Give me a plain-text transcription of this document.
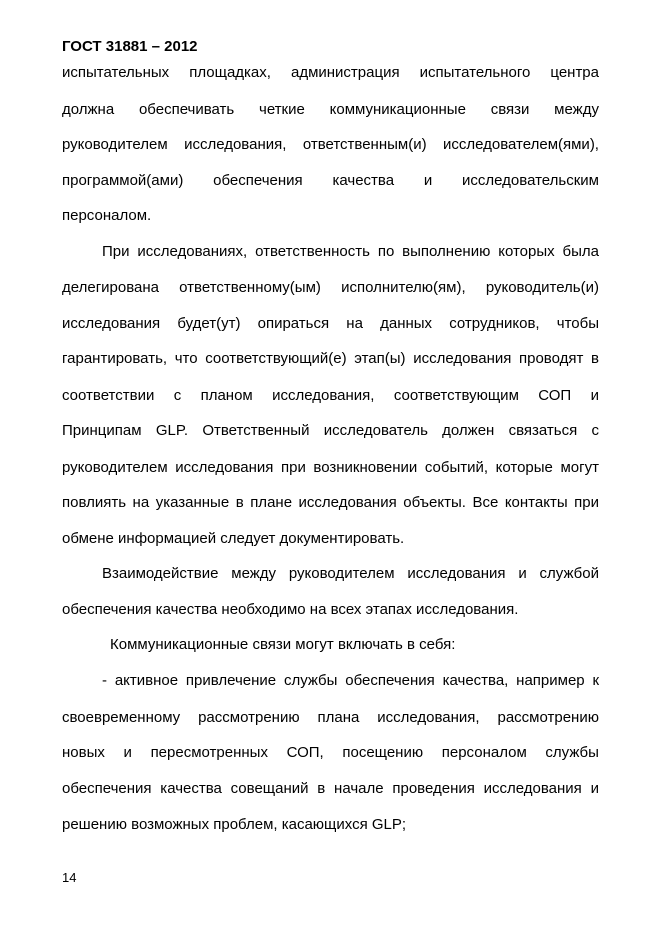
ГОСТ 31881 – 2012
испытательных площадках, администрация испытательного центра
должна обеспечивать четкие коммуникационные связи между
руководителем исследования, ответственным(и) исследователем(ями),
программой(ами) обеспечения качества и исследовательским
персоналом.
При исследованиях, ответственность по выполнению которых была
делегирована ответственному(ым) исполнителю(ям), руководитель(и)
исследования будет(ут) опираться на данных сотрудников, чтобы
гарантировать, что соответствующий(е) этап(ы) исследования проводят в
соответствии с планом исследования, соответствующим СОП и
Принципам GLP. Ответственный исследователь должен связаться с
руководителем исследования при возникновении событий, которые могут
повлиять на указанные в плане исследования объекты. Все контакты при
обмене информацией следует документировать.
Взаимодействие между руководителем исследования и службой
обеспечения качества необходимо на всех этапах исследования.
Коммуникационные связи могут включать в себя:
- активное привлечение службы обеспечения качества, например к
своевременному рассмотрению плана исследования, рассмотрению
новых и пересмотренных СОП, посещению персоналом службы
обеспечения качества совещаний в начале проведения исследования и
решению возможных проблем, касающихся GLP;
14
